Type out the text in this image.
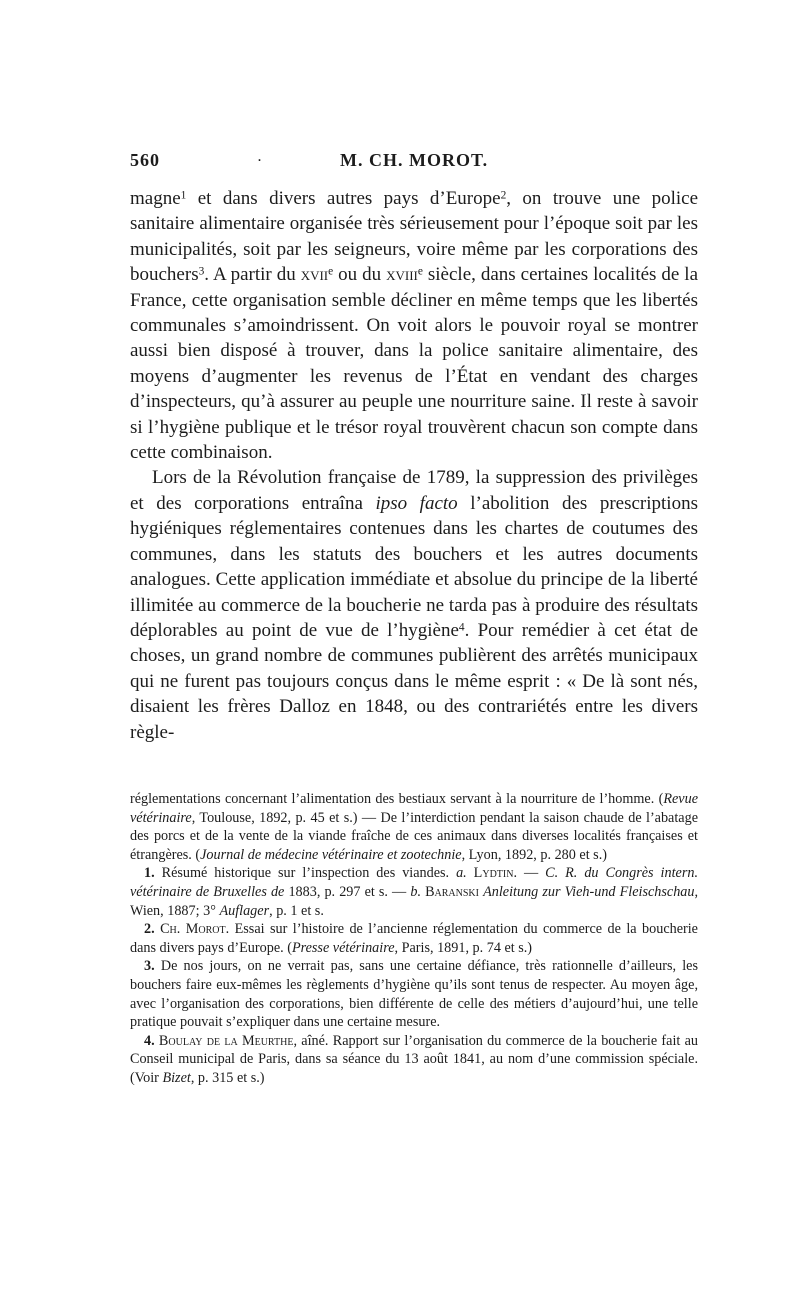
560	.	M. CH. MOROT.

magne$^1$ et dans divers autres pays d’Europe$^2$, on trouve une police sanitaire alimentaire organisée très sérieusement pour l’époque soit par les municipalités, soit par les seigneurs, voire même par les corporations des bouchers$^3$. A partir du xvii$^e$ ou du xviii$^e$ siècle, dans certaines localités de la France, cette organisation semble décliner en même temps que les libertés communales s’amoindrissent. On voit alors le pouvoir royal se montrer aussi bien disposé à trouver, dans la police sanitaire alimentaire, des moyens d’augmenter les revenus de l’État en vendant des charges d’inspecteurs, qu’à assurer au peuple une nourriture saine. Il reste à savoir si l’hygiène publique et le trésor royal trouvèrent chacun son compte dans cette combinaison.

Lors de la Révolution française de 1789, la suppression des privilèges et des corporations entraîna ipso facto l’abolition des prescriptions hygiéniques réglementaires contenues dans les chartes de coutumes des communes, dans les statuts des bouchers et les autres documents analogues. Cette application immédiate et absolue du principe de la liberté illimitée au commerce de la boucherie ne tarda pas à produire des résultats déplorables au point de vue de l’hygiène$^4$. Pour remédier à cet état de choses, un grand nombre de communes publièrent des arrêtés municipaux qui ne furent pas toujours conçus dans le même esprit : « De là sont nés, disaient les frères Dalloz en 1848, ou des contrariétés entre les divers règle-

réglementations concernant l’alimentation des bestiaux servant à la nourriture de l’homme. (Revue vétérinaire, Toulouse, 1892, p. 45 et s.) — De l’interdiction pendant la saison chaude de l’abatage des porcs et de la vente de la viande fraîche de ces animaux dans diverses localités françaises et étrangères. (Journal de médecine vétérinaire et zootechnie, Lyon, 1892, p. 280 et s.)

1. Résumé historique sur l’inspection des viandes. a. Lydtin. — C. R. du Congrès intern. vétérinaire de Bruxelles de 1883, p. 297 et s. — b. Baranski Anleitung zur Vieh-und Fleischschau, Wien, 1887; 3° Auflager, p. 1 et s.

2. Ch. Morot. Essai sur l’histoire de l’ancienne réglementation du commerce de la boucherie dans divers pays d’Europe. (Presse vétérinaire, Paris, 1891, p. 74 et s.)

3. De nos jours, on ne verrait pas, sans une certaine défiance, très rationnelle d’ailleurs, les bouchers faire eux-mêmes les règlements d’hygiène qu’ils sont tenus de respecter. Au moyen âge, avec l’organisation des corporations, bien différente de celle des métiers d’aujourd’hui, une telle pratique pouvait s’expliquer dans une certaine mesure.

4. Boulay de la Meurthe, aîné. Rapport sur l’organisation du commerce de la boucherie fait au Conseil municipal de Paris, dans sa séance du 13 août 1841, au nom d’une commission spéciale. (Voir Bizet, p. 315 et s.)
